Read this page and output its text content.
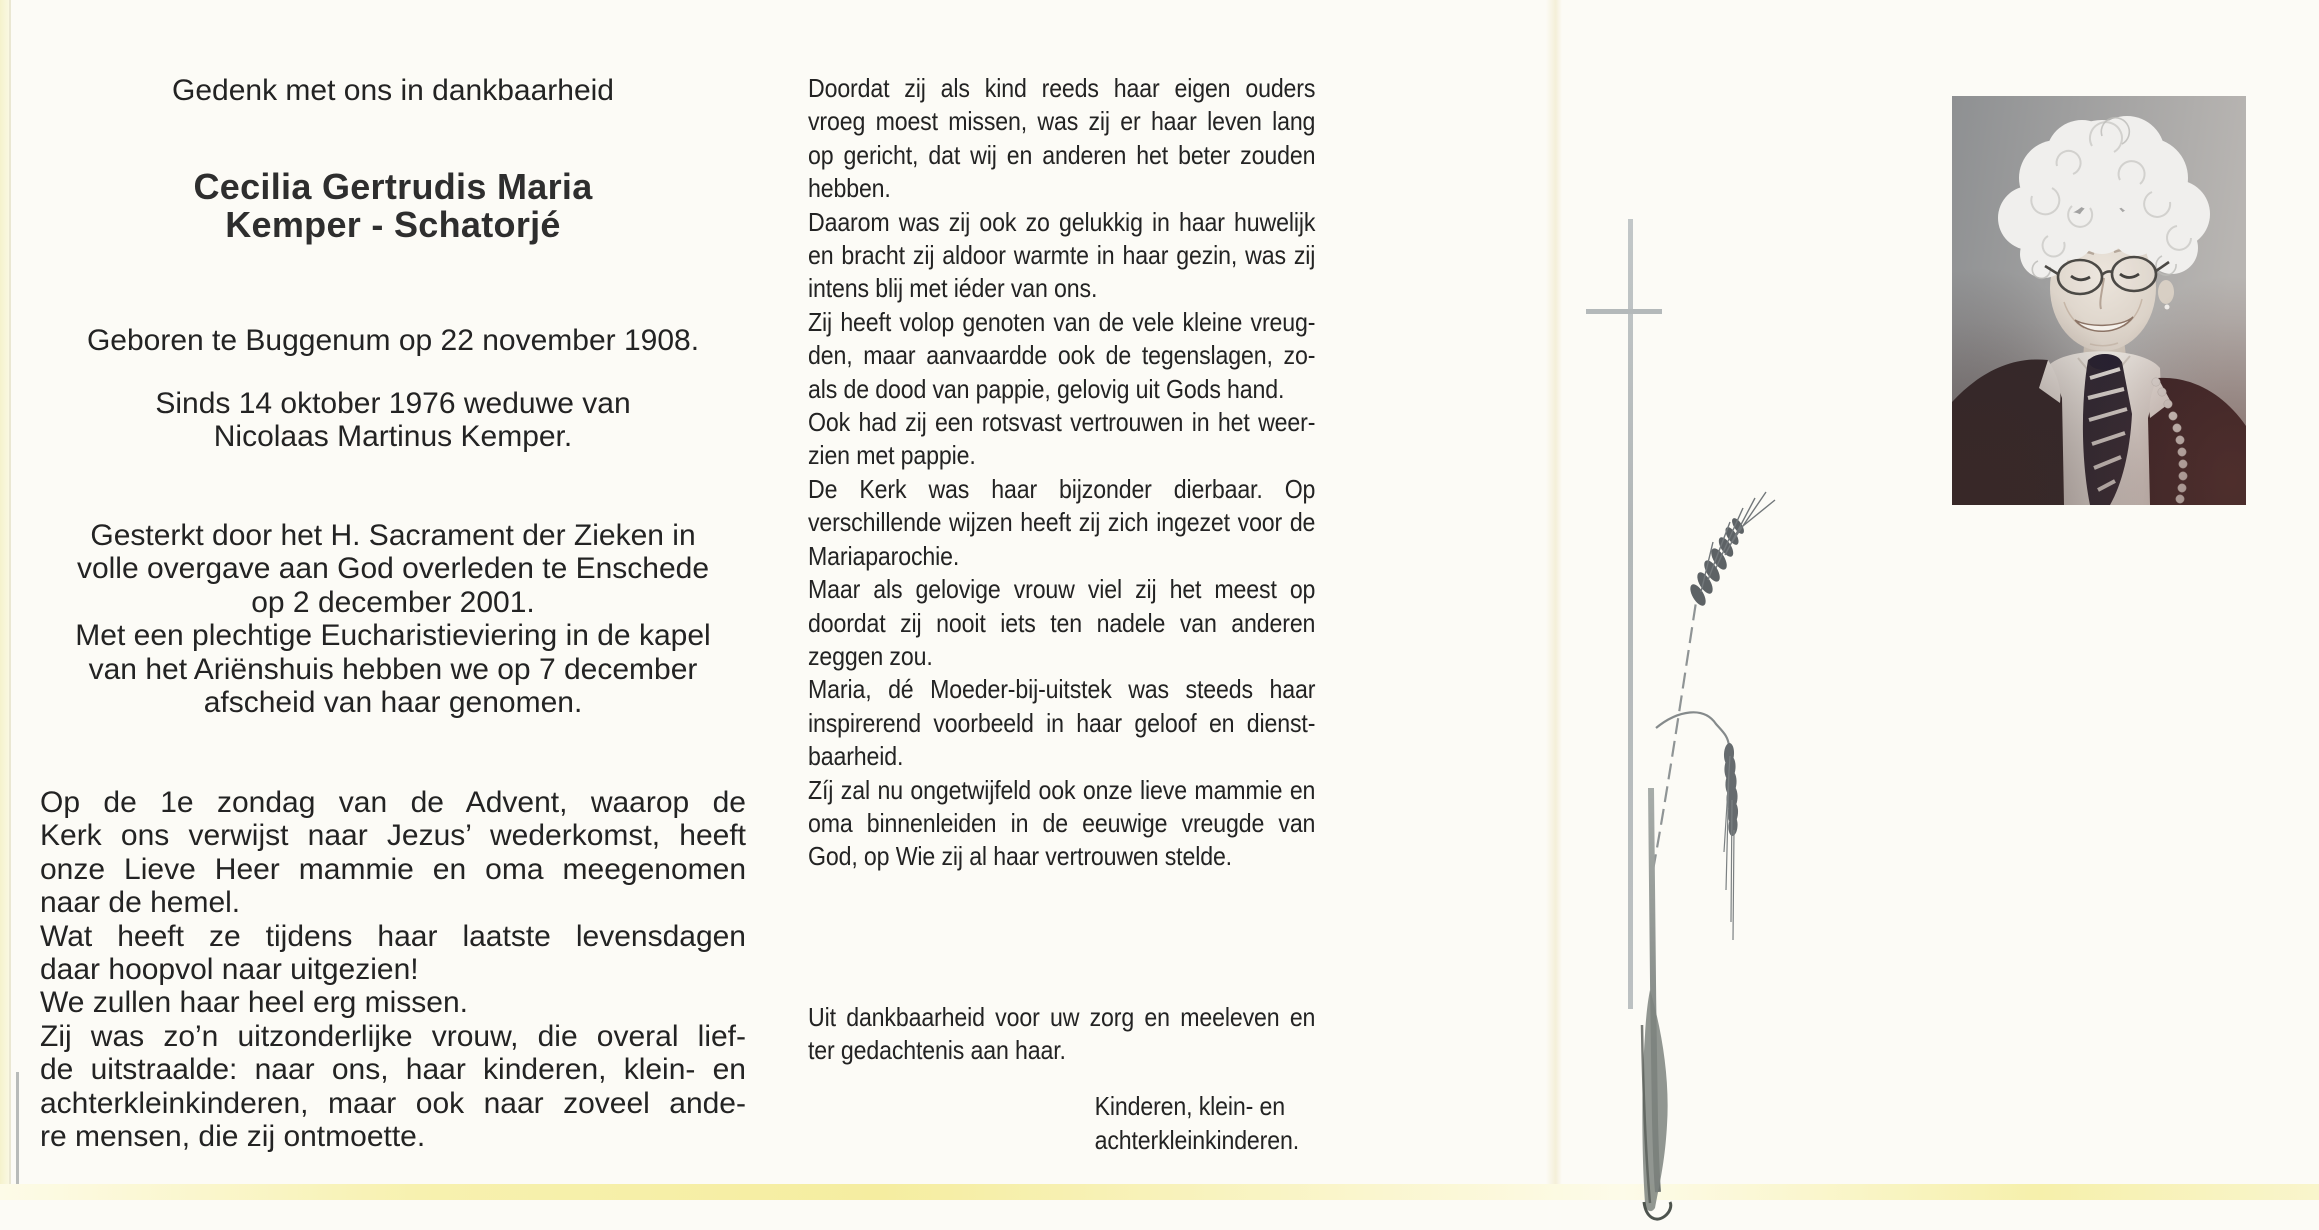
Gedenk met ons in dankbaarheid
Cecilia Gertrudis Maria
Kemper - Schatorjé
Geboren te Buggenum op 22 november 1908.
Sinds 14 oktober 1976 weduwe van
Nicolaas Martinus Kemper.
Gesterkt door het H. Sacrament der Zieken in
volle overgave aan God overleden te Enschede
op 2 december 2001.
Met een plechtige Eucharistieviering in de kapel
van het Ariënshuis hebben we op 7 december
afscheid van haar genomen.
Op de 1e zondag van de Advent, waarop de
Kerk ons verwijst naar Jezus’ wederkomst, heeft
onze Lieve Heer mammie en oma meegenomen
naar de hemel.
Wat heeft ze tijdens haar laatste levensdagen
daar hoopvol naar uitgezien!
We zullen haar heel erg missen.
Zij was zo’n uitzonderlijke vrouw, die overal lief-
de uitstraalde: naar ons, haar kinderen, klein- en
achterkleinkinderen, maar ook naar zoveel ande-
re mensen, die zij ontmoette.
Doordat zij als kind reeds haar eigen ouders
vroeg moest missen, was zij er haar leven lang
op gericht, dat wij en anderen het beter zouden
hebben.
Daarom was zij ook zo gelukkig in haar huwelijk
en bracht zij aldoor warmte in haar gezin, was zij
intens blij met iéder van ons.
Zij heeft volop genoten van de vele kleine vreug-
den, maar aanvaardde ook de tegenslagen, zo-
als de dood van pappie, gelovig uit Gods hand.
Ook had zij een rotsvast vertrouwen in het weer-
zien met pappie.
De Kerk was haar bijzonder dierbaar. Op
verschillende wijzen heeft zij zich ingezet voor de
Mariaparochie.
Maar als gelovige vrouw viel zij het meest op
doordat zij nooit iets ten nadele van anderen
zeggen zou.
Maria, dé Moeder-bij-uitstek was steeds haar
inspirerend voorbeeld in haar geloof en dienst-
baarheid.
Zíj zal nu ongetwijfeld ook onze lieve mammie en
oma binnenleiden in de eeuwige vreugde van
God, op Wie zij al haar vertrouwen stelde.
Uit dankbaarheid voor uw zorg en meeleven en
ter gedachtenis aan haar.
Kinderen, klein- en
achterkleinkinderen.
